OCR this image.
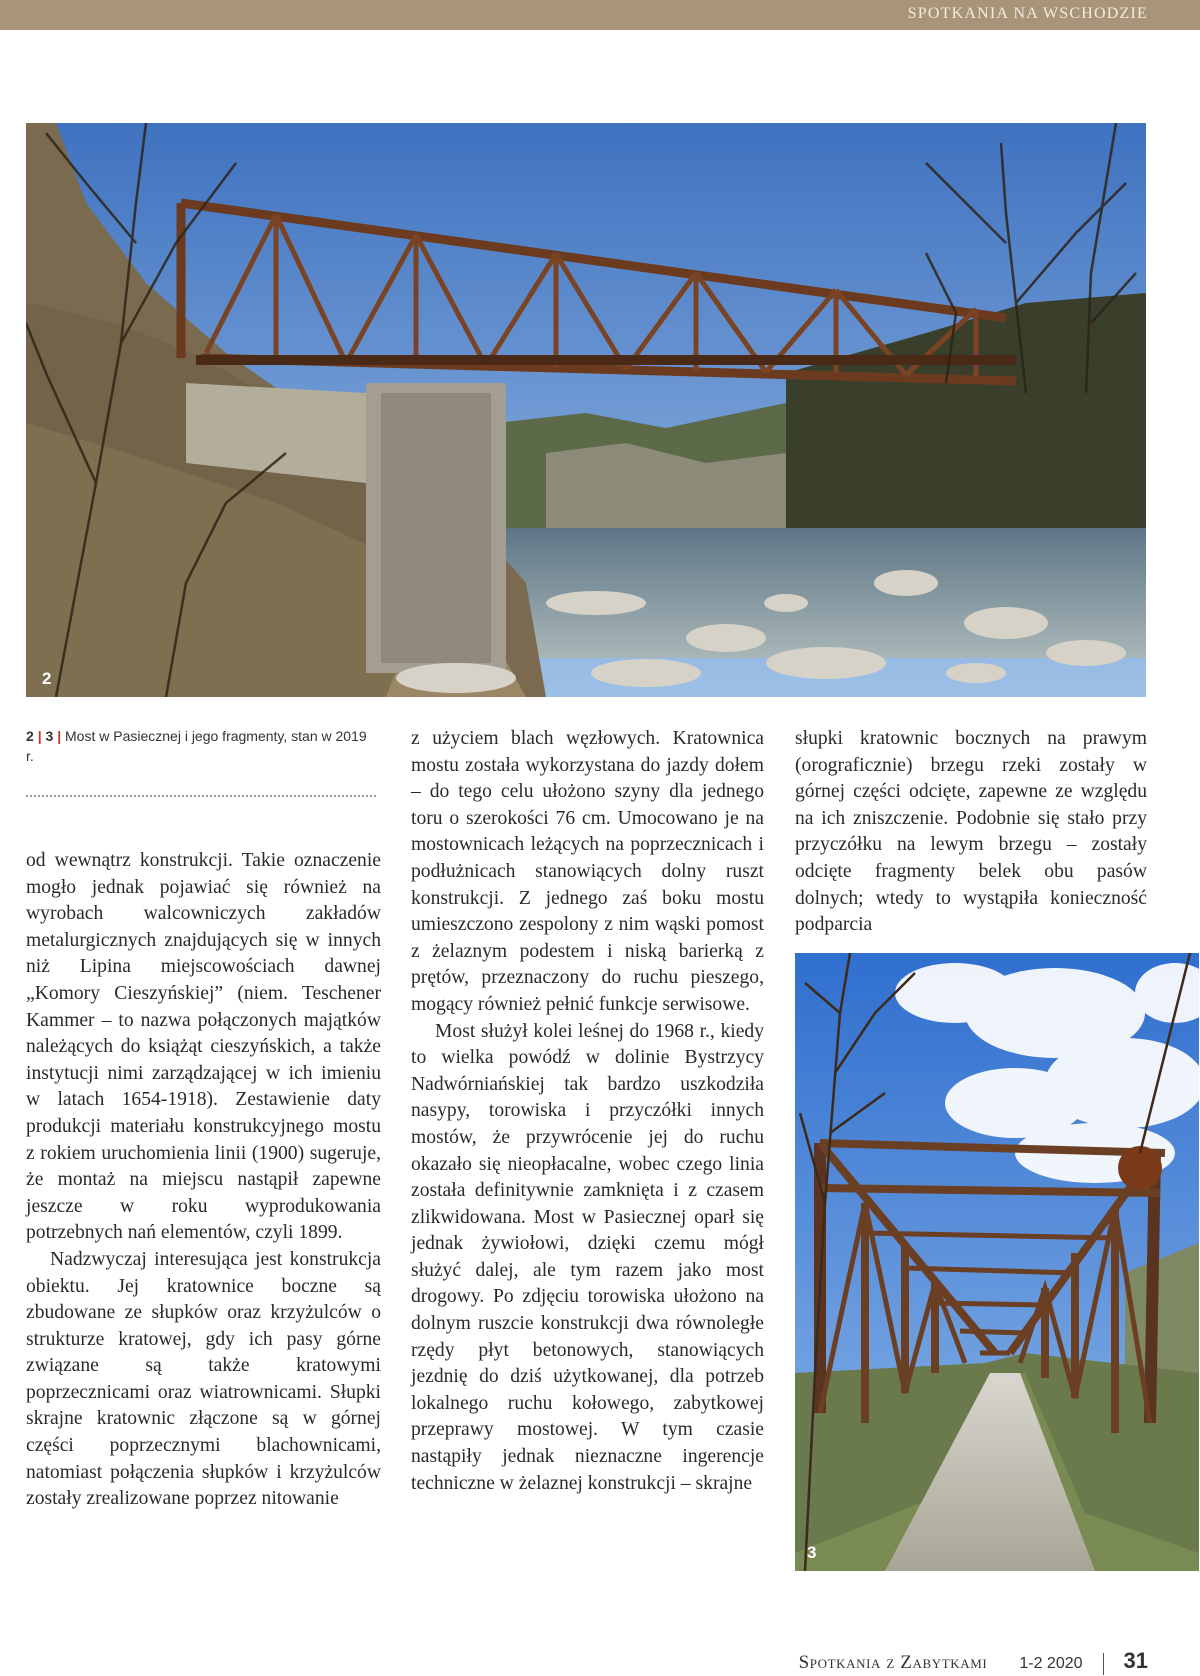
SPOTKANIA NA WSCHODZIE
2
2 | 3 | Most w Pasiecznej i jego fragmenty, stan w 2019 r.

od wewnątrz konstrukcji. Takie oznaczenie mogło jednak pojawiać się również na wyrobach walcowniczych zakładów metalurgicznych znajdujących się w innych niż Lipina miejscowościach dawnej „Komory Cieszyńskiej” (niem. Teschener Kammer – to nazwa połączonych majątków należących do książąt cieszyńskich, a także instytucji nimi zarządzającej w ich imieniu w latach 1654-1918). Zestawienie daty produkcji materiału konstrukcyjnego mostu z rokiem uruchomienia linii (1900) sugeruje, że montaż na miejscu nastąpił zapewne jeszcze w roku wyprodukowania potrzebnych nań elementów, czyli 1899.

Nadzwyczaj interesująca jest konstrukcja obiektu. Jej kratownice boczne są zbudowane ze słupków oraz krzyżulców o strukturze kratowej, gdy ich pasy górne związane są także kratowymi poprzecznicami oraz wiatrownicami. Słupki skrajne kratownic złączone są w górnej części poprzecznymi blachownicami, natomiast połączenia słupków i krzyżulców zostały zrealizowane poprzez nitowanie

z użyciem blach węzłowych. Kratownica mostu została wykorzystana do jazdy dołem – do tego celu ułożono szyny dla jednego toru o szerokości 76 cm. Umocowano je na mostownicach leżących na poprzecznicach i podłużnicach stanowiących dolny ruszt konstrukcji. Z jednego zaś boku mostu umieszczono zespolony z nim wąski pomost z żelaznym podestem i niską barierką z prętów, przeznaczony do ruchu pieszego, mogący również pełnić funkcje serwisowe.

Most służył kolei leśnej do 1968 r., kiedy to wielka powódź w dolinie Bystrzycy Nadwórniańskiej tak bardzo uszkodziła nasypy, torowiska i przyczółki innych mostów, że przywrócenie jej do ruchu okazało się nieopłacalne, wobec czego linia została definitywnie zamknięta i z czasem zlikwidowana. Most w Pasiecznej oparł się jednak żywiołowi, dzięki czemu mógł służyć dalej, ale tym razem jako most drogowy. Po zdjęciu torowiska ułożono na dolnym ruszcie konstrukcji dwa równoległe rzędy płyt betonowych, stanowiących jezdnię do dziś użytkowanej, dla potrzeb lokalnego ruchu kołowego, zabytkowej przeprawy mostowej. W tym czasie nastąpiły jednak nieznaczne ingerencje techniczne w żelaznej konstrukcji – skrajne

słupki kratownic bocznych na prawym (orograficznie) brzegu rzeki zostały w górnej części odcięte, zapewne ze względu na ich zniszczenie. Podobnie się stało przy przyczółku na lewym brzegu – zostały odcięte fragmenty belek obu pasów dolnych; wtedy to wystąpiła konieczność podparcia

3
Spotkania z Zabytkami 1-2 2020 31
